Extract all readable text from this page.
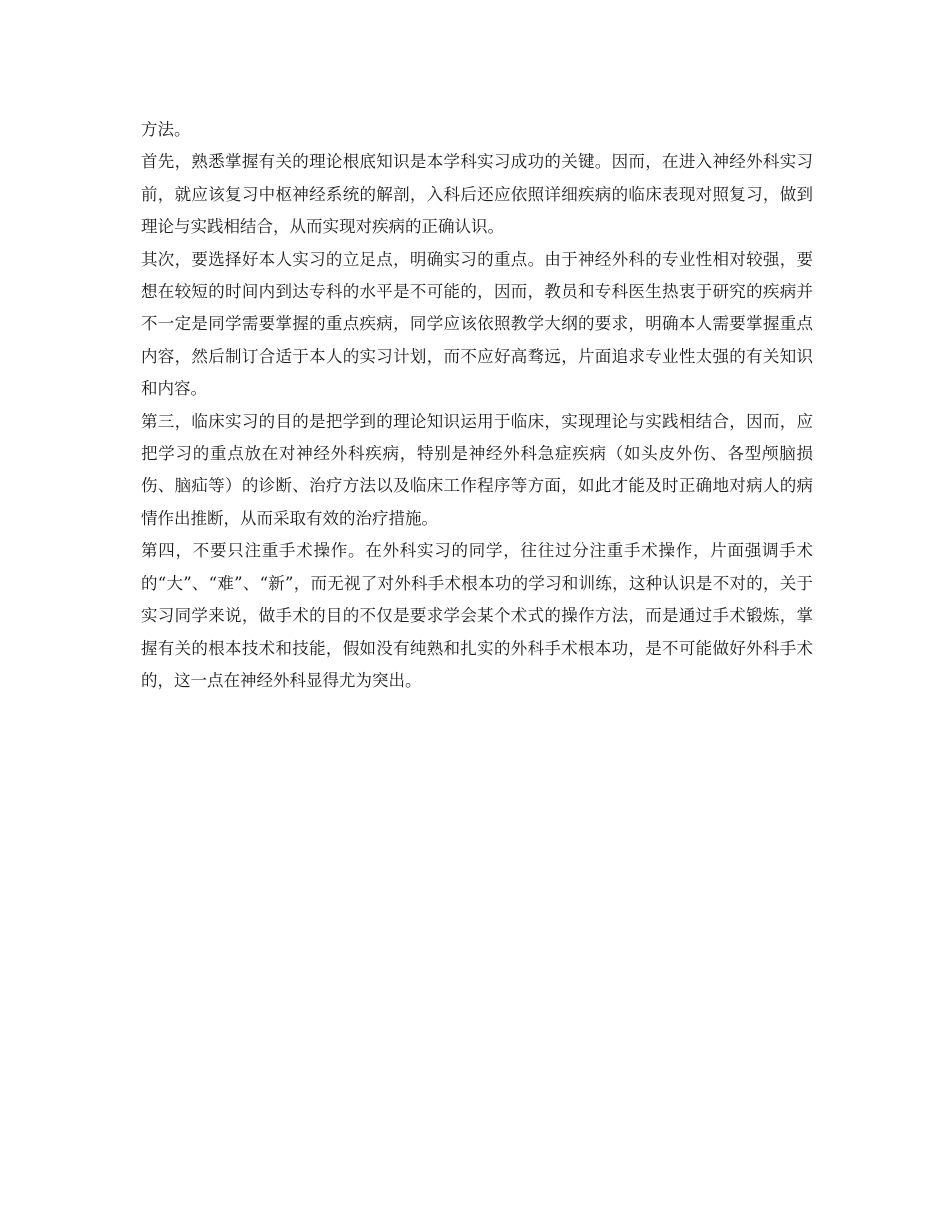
方法。

首先，熟悉掌握有关的理论根底知识是本学科实习成功的关键。因而，在进入神经外科实习前，就应该复习中枢神经系统的解剖，入科后还应依照详细疾病的临床表现对照复习，做到理论与实践相结合，从而实现对疾病的正确认识。

其次，要选择好本人实习的立足点，明确实习的重点。由于神经外科的专业性相对较强，要想在较短的时间内到达专科的水平是不可能的，因而，教员和专科医生热衷于研究的疾病并不一定是同学需要掌握的重点疾病，同学应该依照教学大纲的要求，明确本人需要掌握重点内容，然后制订合适于本人的实习计划，而不应好高骛远，片面追求专业性太强的有关知识和内容。

第三，临床实习的目的是把学到的理论知识运用于临床，实现理论与实践相结合，因而，应把学习的重点放在对神经外科疾病，特别是神经外科急症疾病（如头皮外伤、各型颅脑损伤、脑疝等）的诊断、治疗方法以及临床工作程序等方面，如此才能及时正确地对病人的病情作出推断，从而采取有效的治疗措施。

第四，不要只注重手术操作。在外科实习的同学，往往过分注重手术操作，片面强调手术的“大”、“难”、“新”，而无视了对外科手术根本功的学习和训练，这种认识是不对的，关于实习同学来说，做手术的目的不仅是要求学会某个术式的操作方法，而是通过手术锻炼，掌握有关的根本技术和技能，假如没有纯熟和扎实的外科手术根本功，是不可能做好外科手术的，这一点在神经外科显得尤为突出。
